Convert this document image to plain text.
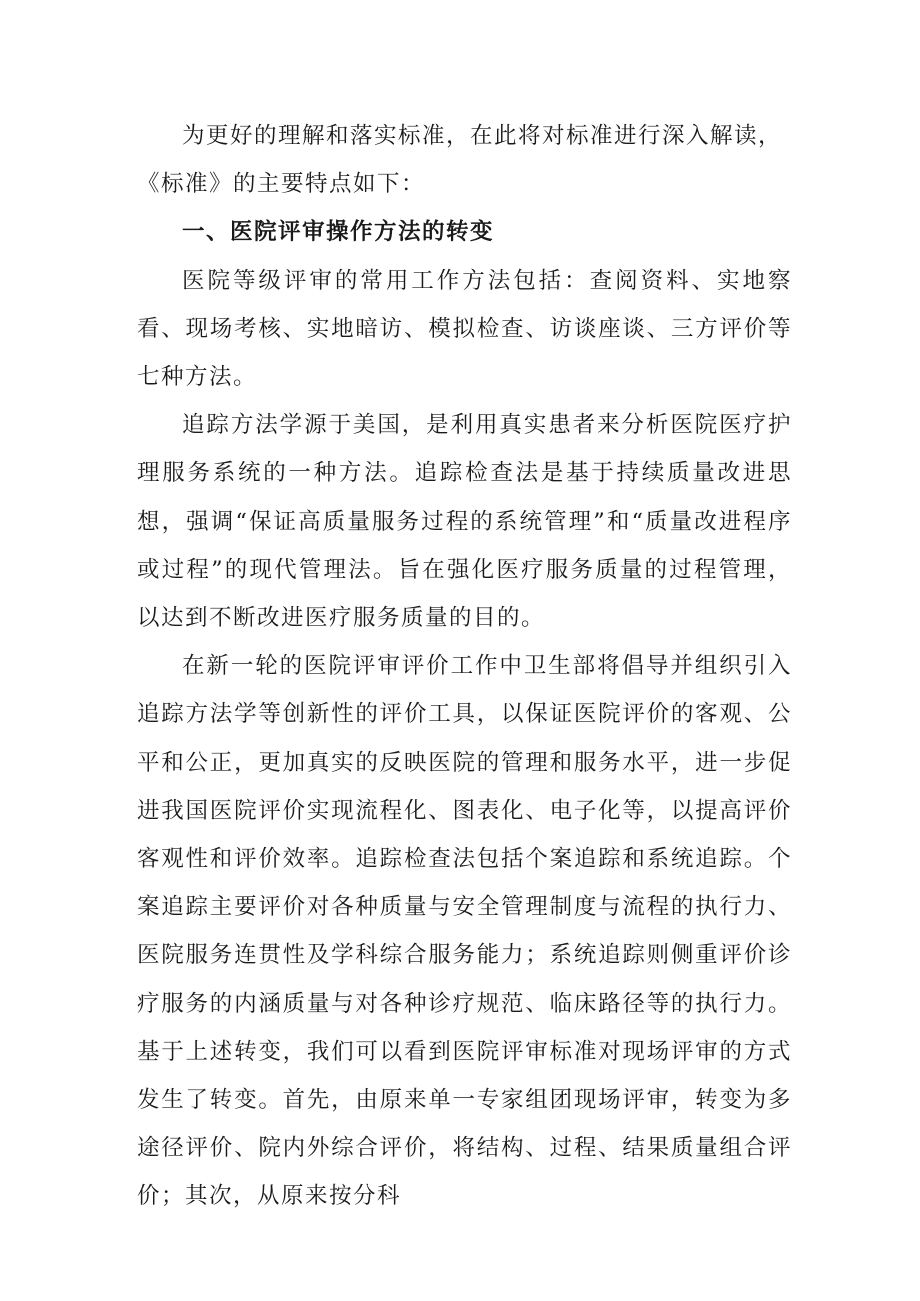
为更好的理解和落实标准，在此将对标准进行深入解读，

《标准》的主要特点如下：

一、医院评审操作方法的转变

医院等级评审的常用工作方法包括：查阅资料、实地察看、现场考核、实地暗访、模拟检查、访谈座谈、三方评价等七种方法。

追踪方法学源于美国，是利用真实患者来分析医院医疗护理服务系统的一种方法。追踪检查法是基于持续质量改进思想，强调“保证高质量服务过程的系统管理”和“质量改进程序或过程”的现代管理法。旨在强化医疗服务质量的过程管理，以达到不断改进医疗服务质量的目的。

在新一轮的医院评审评价工作中卫生部将倡导并组织引入追踪方法学等创新性的评价工具，以保证医院评价的客观、公平和公正，更加真实的反映医院的管理和服务水平，进一步促进我国医院评价实现流程化、图表化、电子化等，以提高评价客观性和评价效率。追踪检查法包括个案追踪和系统追踪。个案追踪主要评价对各种质量与安全管理制度与流程的执行力、医院服务连贯性及学科综合服务能力；系统追踪则侧重评价诊疗服务的内涵质量与对各种诊疗规范、临床路径等的执行力。基于上述转变，我们可以看到医院评审标准对现场评审的方式发生了转变。首先，由原来单一专家组团现场评审，转变为多途径评价、院内外综合评价，将结构、过程、结果质量组合评价；其次，从原来按分科
